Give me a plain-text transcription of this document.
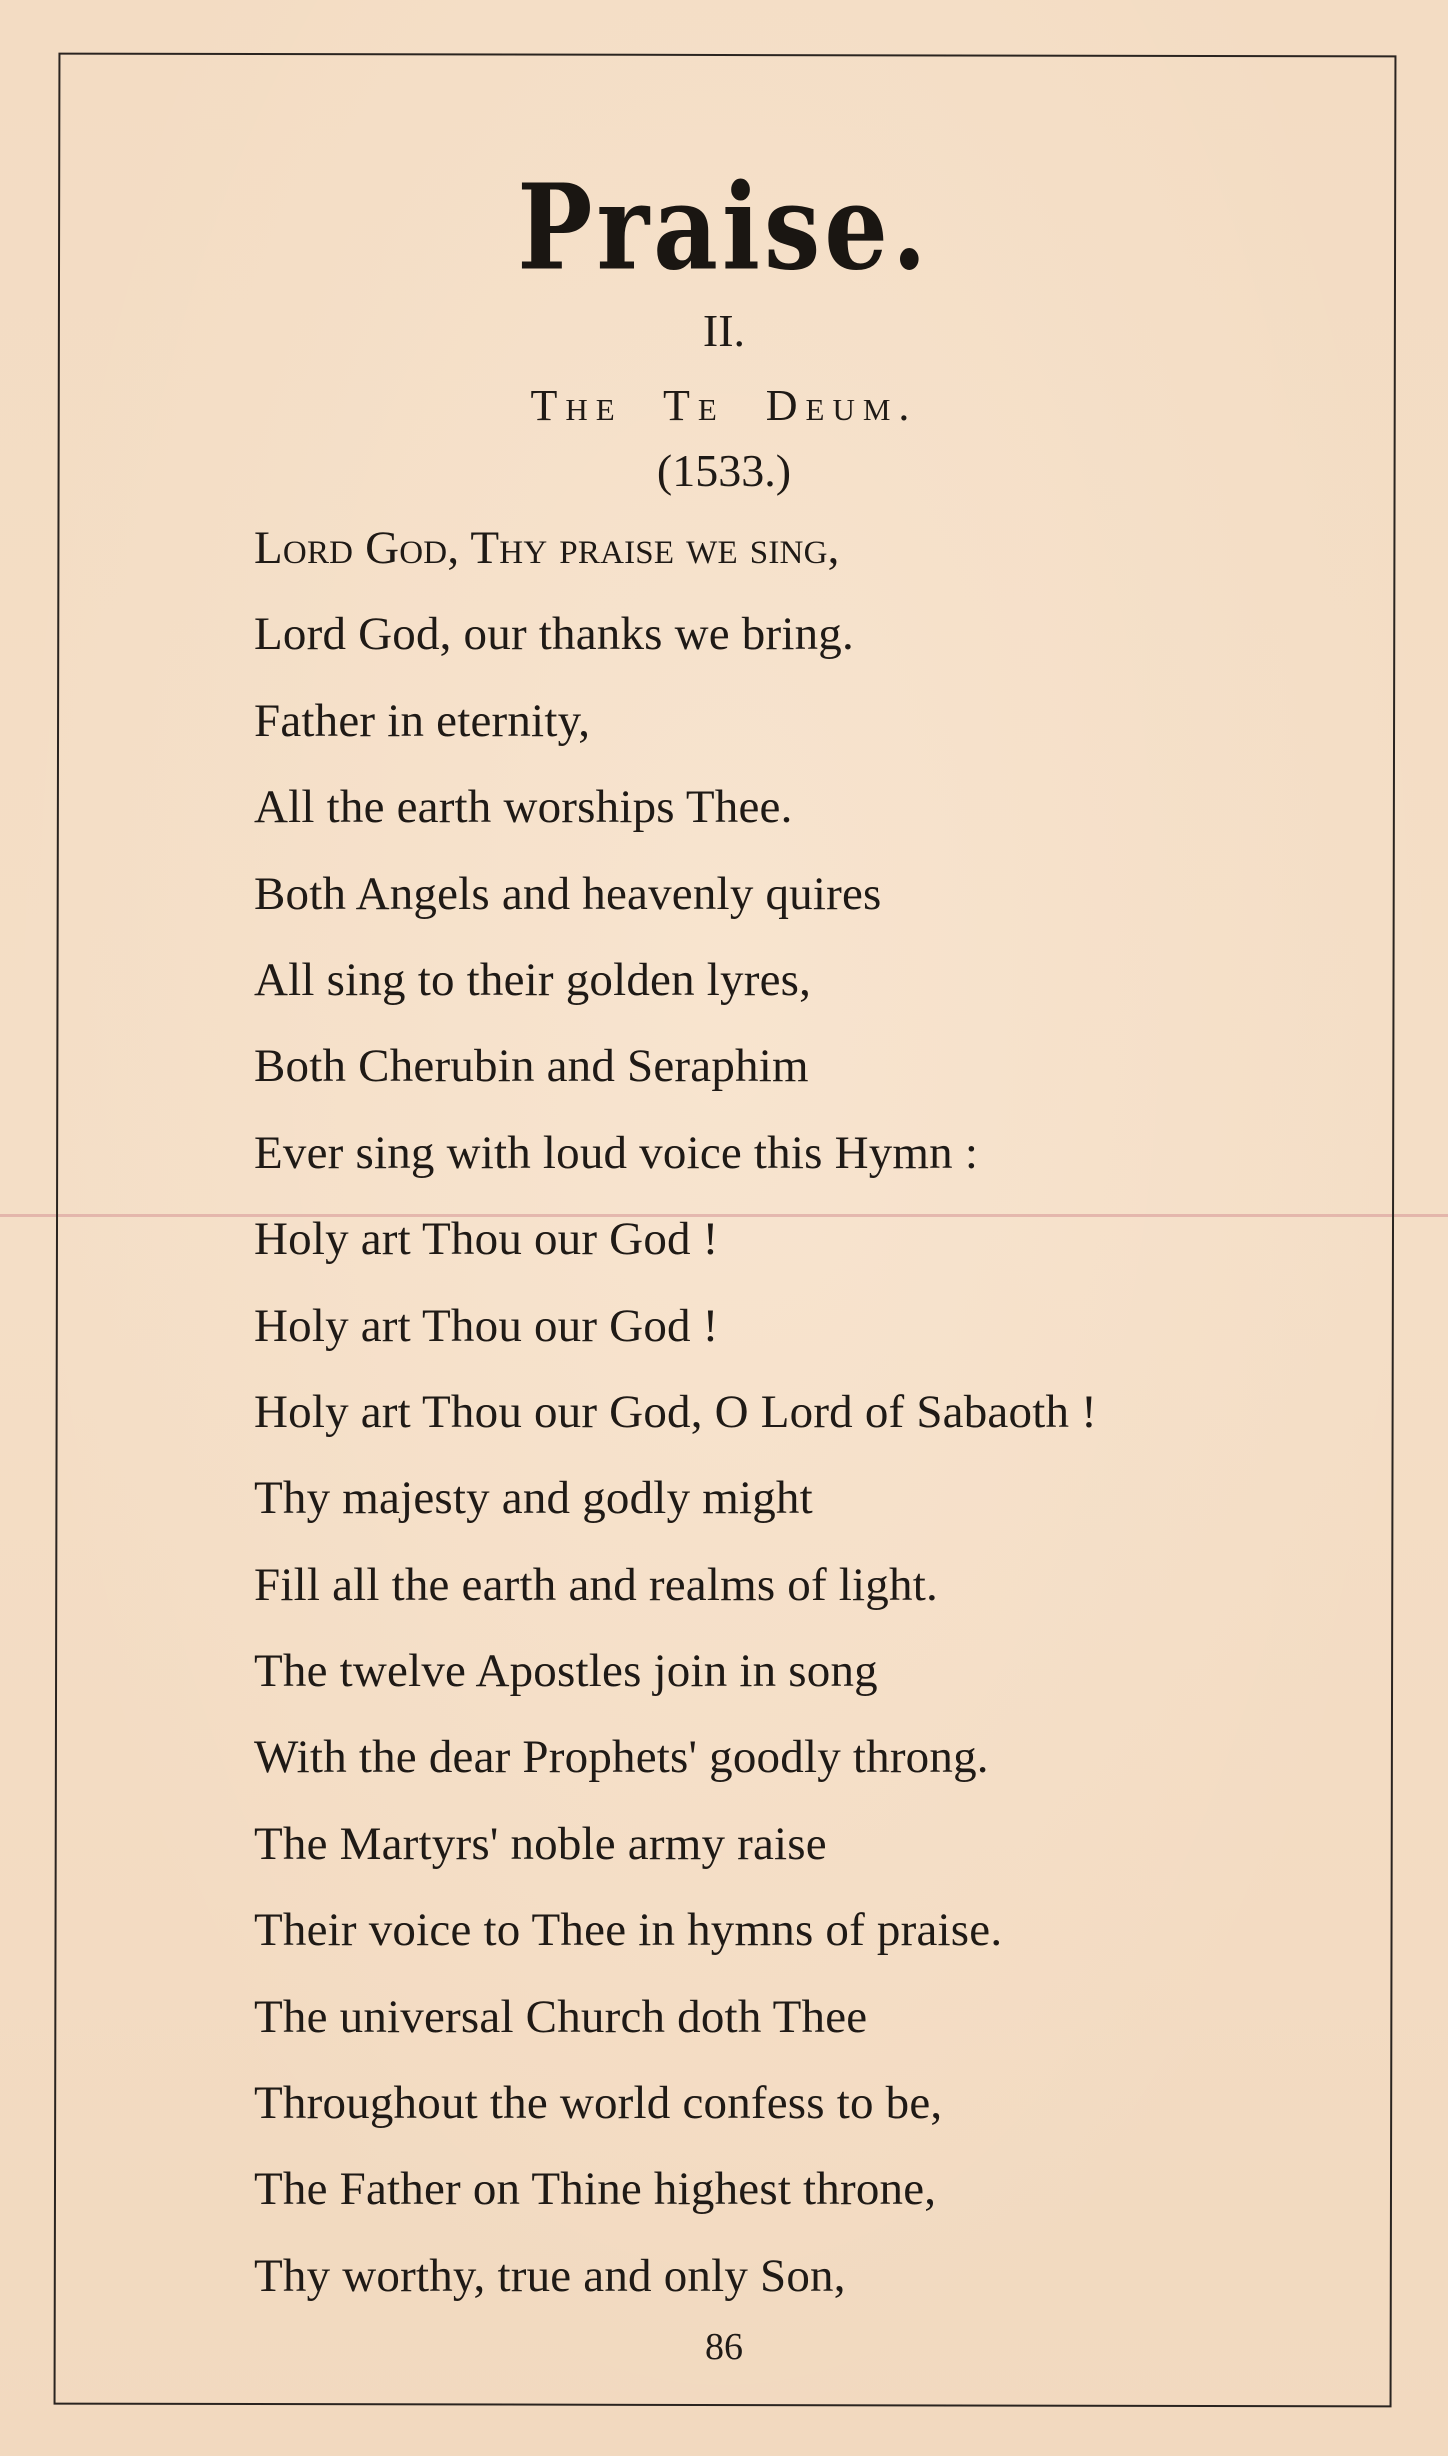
Praise.
II.
The Te Deum.
(1533.)
Lord God, Thy praise we sing,
Lord God, our thanks we bring.
Father in eternity,
All the earth worships Thee.
Both Angels and heavenly quires
All sing to their golden lyres,
Both Cherubin and Seraphim
Ever sing with loud voice this Hymn :
Holy art Thou our God !
Holy art Thou our God !
Holy art Thou our God, O Lord of Sabaoth !
Thy majesty and godly might
Fill all the earth and realms of light.
The twelve Apostles join in song
With the dear Prophets' goodly throng.
The Martyrs' noble army raise
Their voice to Thee in hymns of praise.
The universal Church doth Thee
Throughout the world confess to be,
The Father on Thine highest throne,
Thy worthy, true and only Son,
86
